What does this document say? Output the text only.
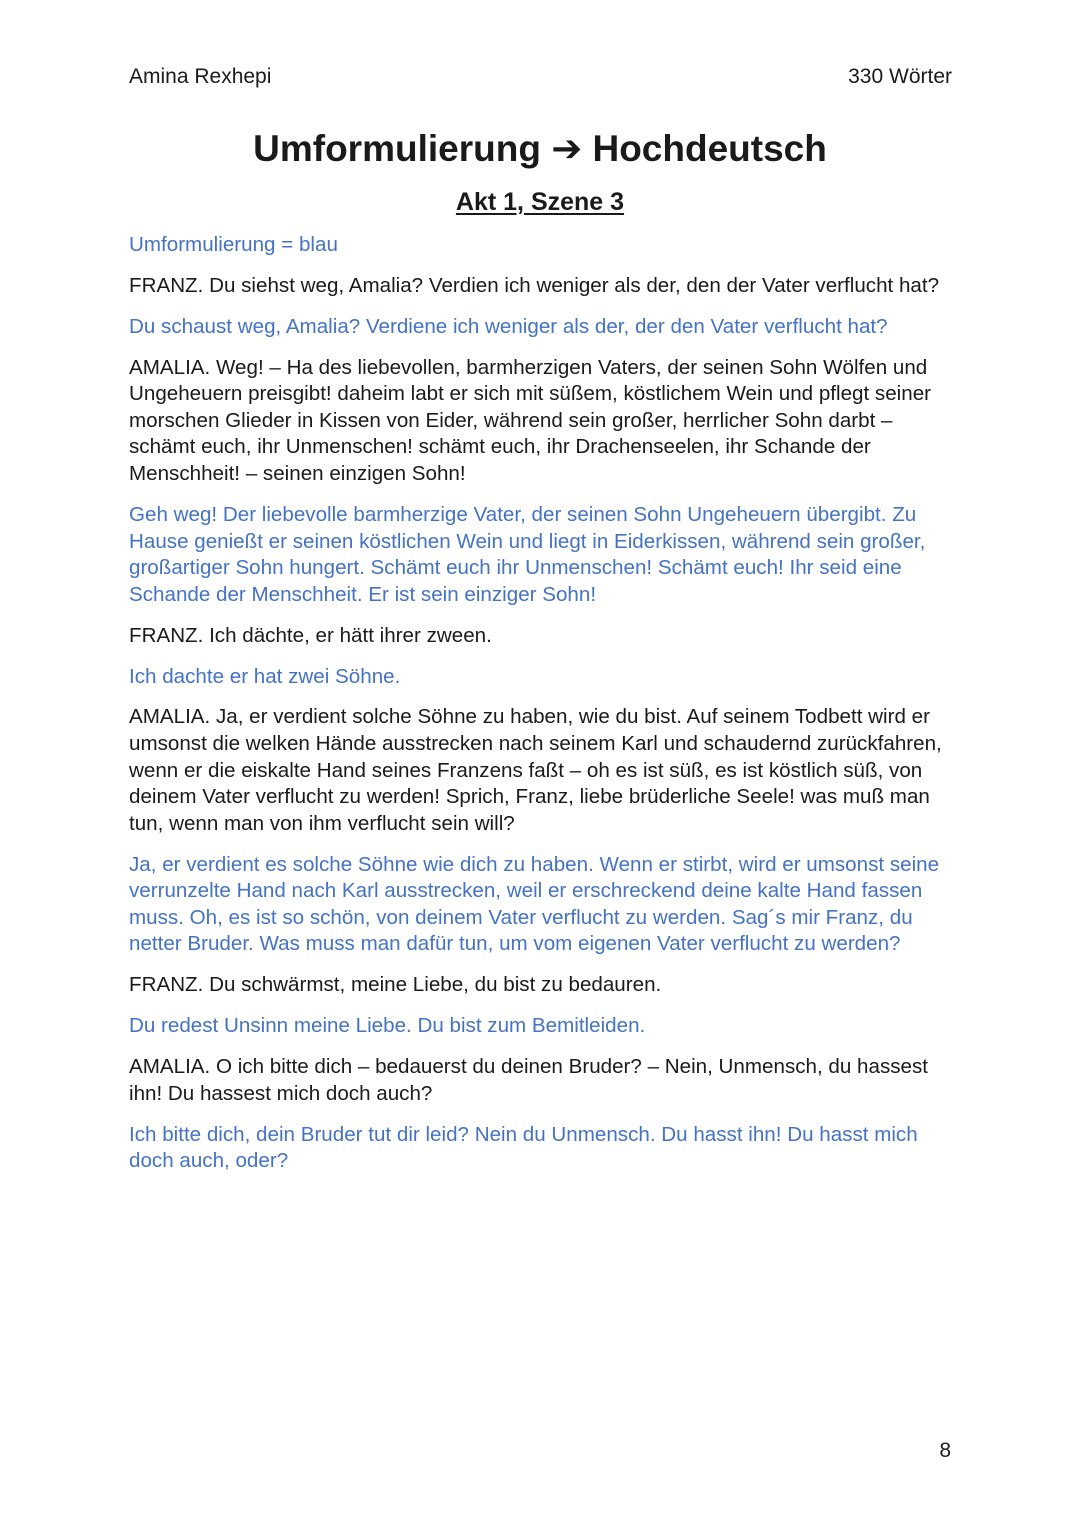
Amina Rexhepi	330 Wörter
Umformulierung ➔ Hochdeutsch
Akt 1, Szene 3

Umformulierung = blau

FRANZ. Du siehst weg, Amalia? Verdien ich weniger als der, den der Vater verflucht hat?

Du schaust weg, Amalia? Verdiene ich weniger als der, der den Vater verflucht hat?

AMALIA. Weg! – Ha des liebevollen, barmherzigen Vaters, der seinen Sohn Wölfen und Ungeheuern preisgibt! daheim labt er sich mit süßem, köstlichem Wein und pflegt seiner morschen Glieder in Kissen von Eider, während sein großer, herrlicher Sohn darbt – schämt euch, ihr Unmenschen! schämt euch, ihr Drachenseelen, ihr Schande der Menschheit! – seinen einzigen Sohn!

Geh weg! Der liebevolle barmherzige Vater, der seinen Sohn Ungeheuern übergibt. Zu Hause genießt er seinen köstlichen Wein und liegt in Eiderkissen, während sein großer, großartiger Sohn hungert. Schämt euch ihr Unmenschen! Schämt euch! Ihr seid eine Schande der Menschheit. Er ist sein einziger Sohn!

FRANZ. Ich dächte, er hätt ihrer zween.

Ich dachte er hat zwei Söhne.

AMALIA. Ja, er verdient solche Söhne zu haben, wie du bist. Auf seinem Todbett wird er umsonst die welken Hände ausstrecken nach seinem Karl und schaudernd zurückfahren, wenn er die eiskalte Hand seines Franzens faßt – oh es ist süß, es ist köstlich süß, von deinem Vater verflucht zu werden! Sprich, Franz, liebe brüderliche Seele! was muß man tun, wenn man von ihm verflucht sein will?

Ja, er verdient es solche Söhne wie dich zu haben. Wenn er stirbt, wird er umsonst seine verrunzelte Hand nach Karl ausstrecken, weil er erschreckend deine kalte Hand fassen muss. Oh, es ist so schön, von deinem Vater verflucht zu werden. Sag´s mir Franz, du netter Bruder. Was muss man dafür tun, um vom eigenen Vater verflucht zu werden?

FRANZ. Du schwärmst, meine Liebe, du bist zu bedauren.

Du redest Unsinn meine Liebe. Du bist zum Bemitleiden.

AMALIA. O ich bitte dich – bedauerst du deinen Bruder? – Nein, Unmensch, du hassest ihn! Du hassest mich doch auch?

Ich bitte dich, dein Bruder tut dir leid? Nein du Unmensch. Du hasst ihn! Du hasst mich doch auch, oder?

8
